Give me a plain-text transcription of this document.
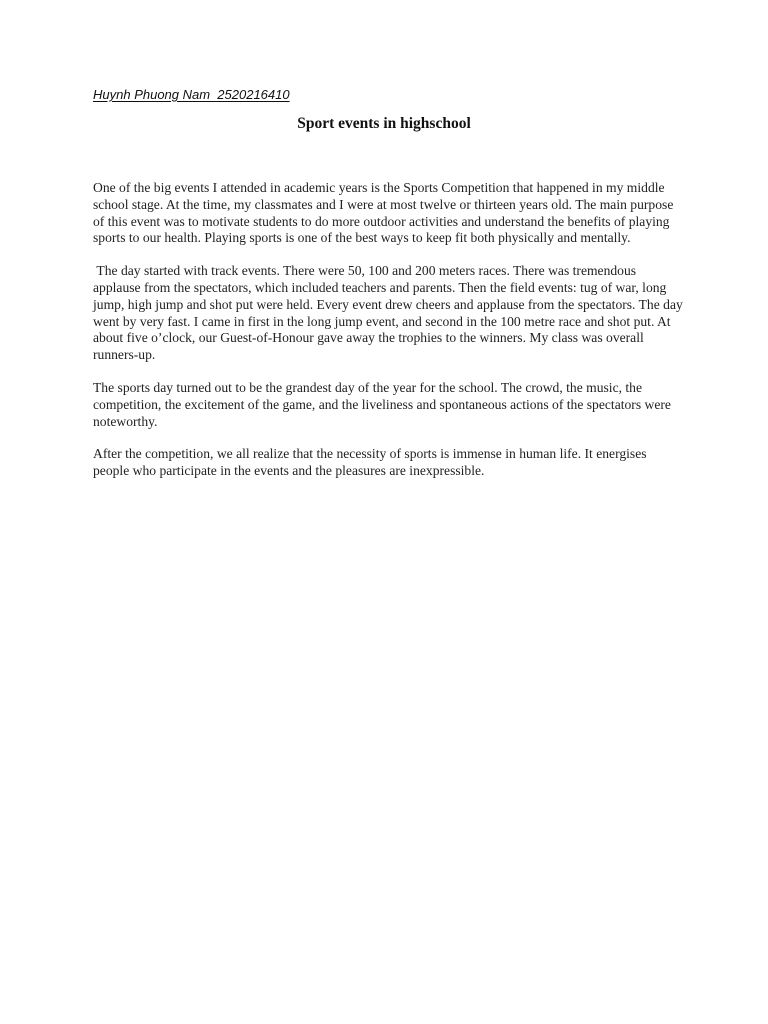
Huynh Phuong Nam  2520216410
Sport events in highschool

One of the big events I attended in academic years is the Sports Competition that happened in my middle school stage. At the time, my classmates and I were at most twelve or thirteen years old. The main purpose of this event was to motivate students to do more outdoor activities and understand the benefits of playing sports to our health. Playing sports is one of the best ways to keep fit both physically and mentally.

The day started with track events. There were 50, 100 and 200 meters races. There was tremendous applause from the spectators, which included teachers and parents. Then the field events: tug of war, long jump, high jump and shot put were held. Every event drew cheers and applause from the spectators. The day went by very fast. I came in first in the long jump event, and second in the 100 metre race and shot put. At about five o’clock, our Guest-of-Honour gave away the trophies to the winners. My class was overall runners-up.

The sports day turned out to be the grandest day of the year for the school. The crowd, the music, the competition, the excitement of the game, and the liveliness and spontaneous actions of the spectators were noteworthy.

After the competition, we all realize that the necessity of sports is immense in human life. It energises people who participate in the events and the pleasures are inexpressible.
